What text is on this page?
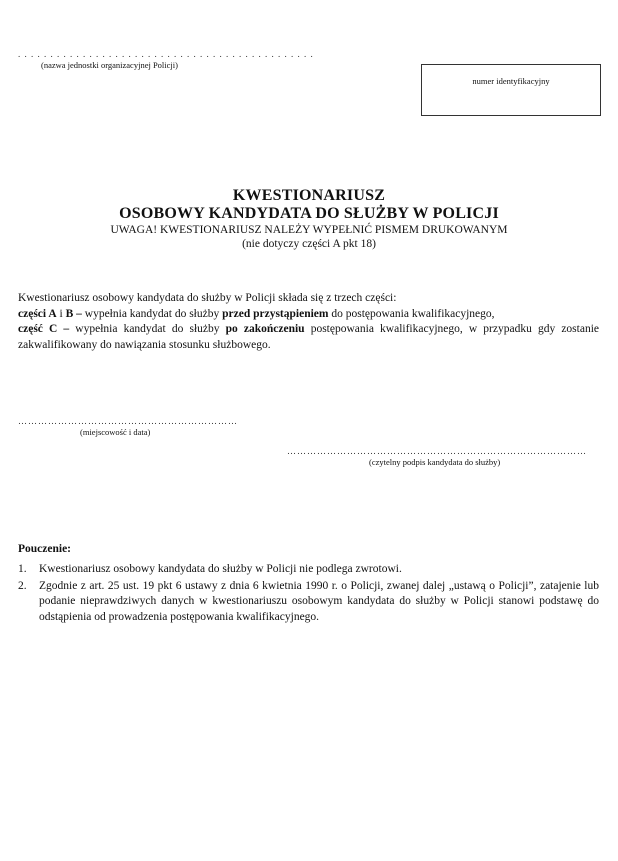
. . . . . . . . . . . . . . . . . . . . . . . . . . . . . . . . . . . . . . . . . . . . . .
(nazwa jednostki organizacyjnej Policji)
numer identyfikacyjny
KWESTIONARIUSZ
OSOBOWY KANDYDATA DO SŁUŻBY W POLICJI
UWAGA! KWESTIONARIUSZ NALEŻY WYPEŁNIĆ PISMEM DRUKOWANYM
(nie dotyczy części A pkt 18)

Kwestionariusz osobowy kandydata do służby w Policji składa się z trzech części:

części A i B – wypełnia kandydat do służby przed przystąpieniem do postępowania kwalifikacyjnego,

część C – wypełnia kandydat do służby po zakończeniu postępowania kwalifikacyjnego, w przypadku gdy zostanie zakwalifikowany do nawiązania stosunku służbowego.

…………………………………………………………
(miejscowość i data)
………………………………………………………………………………
(czytelny podpis kandydata do służby)
Pouczenie:
1.	Kwestionariusz osobowy kandydata do służby w Policji nie podlega zwrotowi.
2.	Zgodnie z art. 25 ust. 19 pkt 6 ustawy z dnia 6 kwietnia 1990 r. o Policji, zwanej dalej „ustawą o Policji”, zatajenie lub podanie nieprawdziwych danych w kwestionariuszu osobowym kandydata do służby w Policji stanowi podstawę do odstąpienia od prowadzenia postępowania kwalifikacyjnego.
